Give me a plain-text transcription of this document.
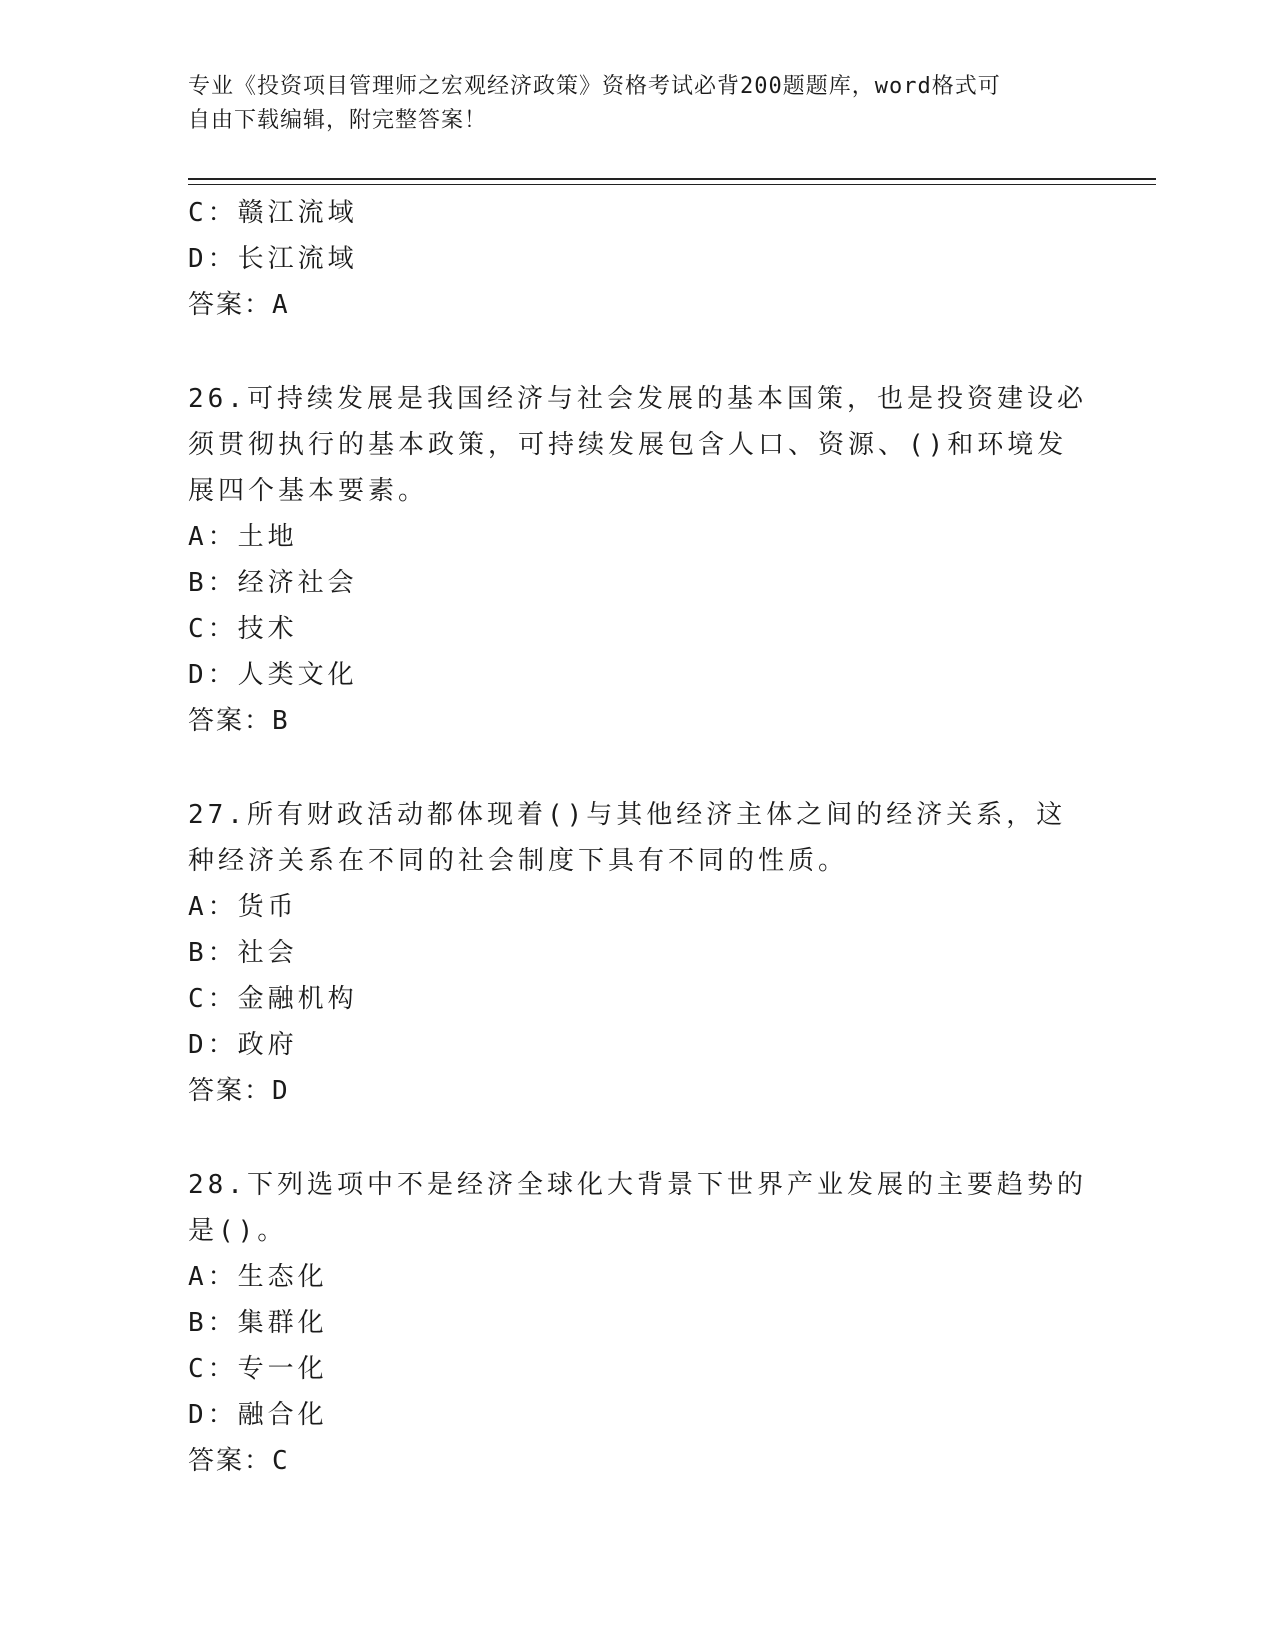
专业《投资项目管理师之宏观经济政策》资格考试必背200题题库，word格式可
自由下载编辑，附完整答案！
C：赣江流域
D：长江流域
答案：A
26.可持续发展是我国经济与社会发展的基本国策，也是投资建设必须贯彻执行的基本政策，可持续发展包含人口、资源、()和环境发展四个基本要素。
A：土地
B：经济社会
C：技术
D：人类文化
答案：B
27.所有财政活动都体现着()与其他经济主体之间的经济关系，这种经济关系在不同的社会制度下具有不同的性质。
A：货币
B：社会
C：金融机构
D：政府
答案：D
28.下列选项中不是经济全球化大背景下世界产业发展的主要趋势的是()。
A：生态化
B：集群化
C：专一化
D：融合化
答案：C
